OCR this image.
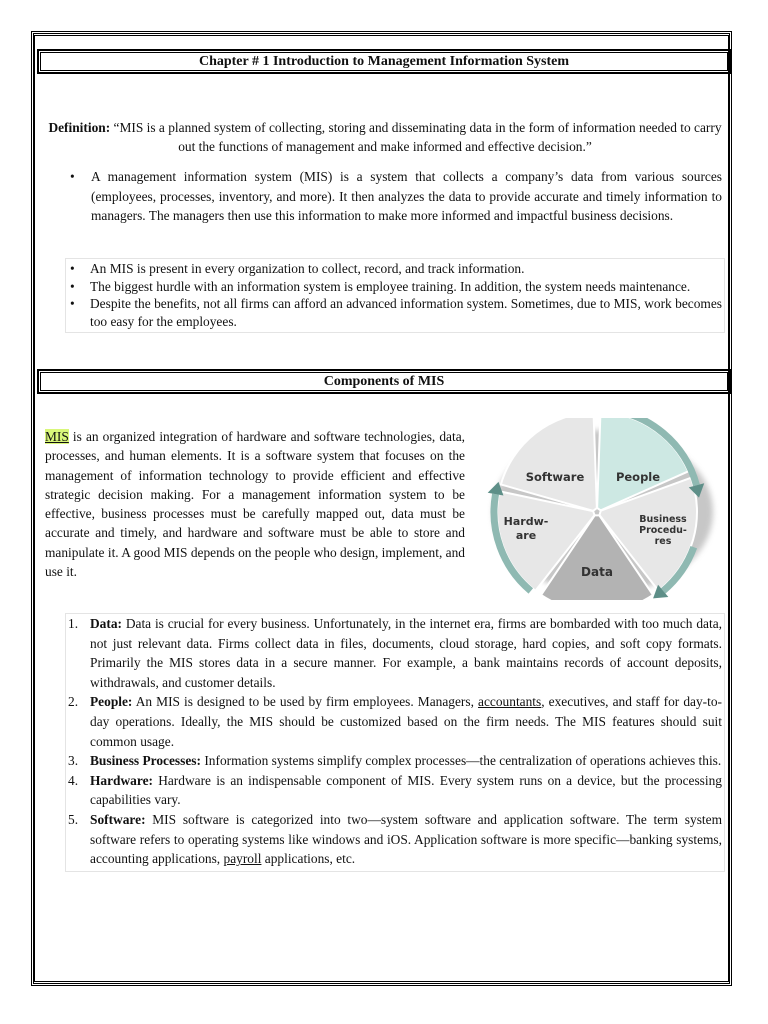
Chapter # 1 Introduction to Management Information System
Definition: “MIS is a planned system of collecting, storing and disseminating data in the form of information needed to carry out the functions of management and make informed and effective decision.”
• A management information system (MIS) is a system that collects a company’s data from various sources (employees, processes, inventory, and more). It then analyzes the data to provide accurate and timely information to managers. The managers then use this information to make more informed and impactful business decisions.
• An MIS is present in every organization to collect, record, and track information.
• The biggest hurdle with an information system is employee training. In addition, the system needs maintenance.
• Despite the benefits, not all firms can afford an advanced information system. Sometimes, due to MIS, work becomes too easy for the employees.
Components of MIS
MIS is an organized integration of hardware and software technologies, data, processes, and human elements. It is a software system that focuses on the management of information technology to provide efficient and effective strategic decision making. For a management information system to be effective, business processes must be carefully mapped out, data must be accurate and timely, and hardware and software must be able to store and manipulate it. A good MIS depends on the people who design, implement, and use it.
Software	People
Business
Procedu-
res
Data
Hardw-
are
1. Data: Data is crucial for every business. Unfortunately, in the internet era, firms are bombarded with too much data, not just relevant data. Firms collect data in files, documents, cloud storage, hard copies, and soft copy formats. Primarily the MIS stores data in a secure manner. For example, a bank maintains records of account deposits, withdrawals, and customer details.
2. People: An MIS is designed to be used by firm employees. Managers, accountants, executives, and staff for day-to-day operations. Ideally, the MIS should be customized based on the firm needs. The MIS features should suit common usage.
3. Business Processes: Information systems simplify complex processes—the centralization of operations achieves this.
4. Hardware: Hardware is an indispensable component of MIS. Every system runs on a device, but the processing capabilities vary.
5. Software: MIS software is categorized into two—system software and application software. The term system software refers to operating systems like windows and iOS. Application software is more specific—banking systems, accounting applications, payroll applications, etc.
